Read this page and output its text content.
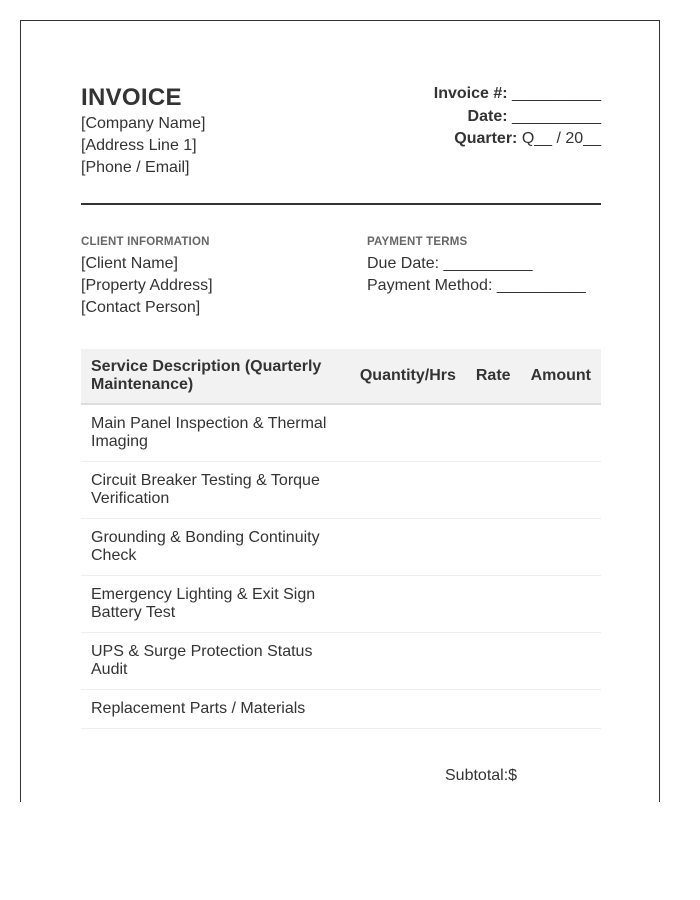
INVOICE
[Company Name]
[Address Line 1]
[Phone / Email]
Invoice #: __________
Date: __________
Quarter: Q__ / 20__
CLIENT INFORMATION
[Client Name]
[Property Address]
[Contact Person]
PAYMENT TERMS
Due Date: __________
Payment Method: __________
Service Description (Quarterly Maintenance)	Quantity/Hrs	Rate	Amount
Main Panel Inspection & Thermal Imaging			
Circuit Breaker Testing & Torque Verification			
Grounding & Bonding Continuity Check			
Emergency Lighting & Exit Sign Battery Test			
UPS & Surge Protection Status Audit			
Replacement Parts / Materials			
Subtotal:$
